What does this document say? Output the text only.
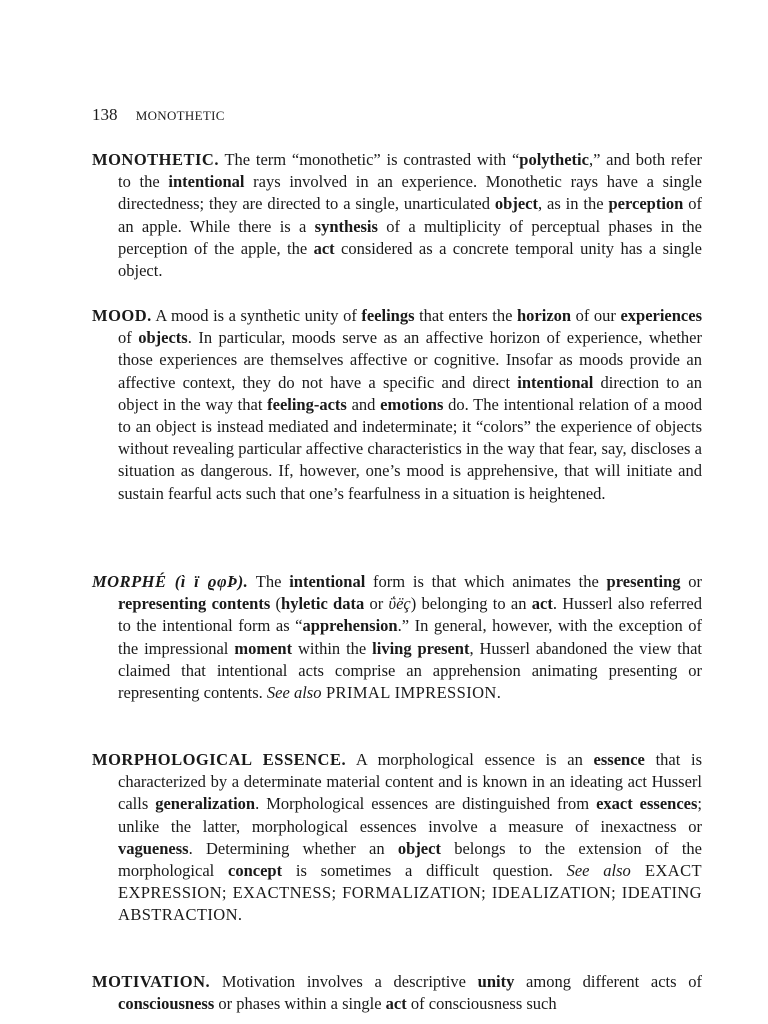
138 MONOTHETIC
MONOTHETIC. The term “monothetic” is contrasted with “polythetic,” and both refer to the intentional rays involved in an experience. Monothetic rays have a single directedness; they are directed to a single, unarticulated object, as in the perception of an apple. While there is a synthesis of a multiplicity of perceptual phases in the perception of the apple, the act considered as a concrete temporal unity has a single object.
MOOD. A mood is a synthetic unity of feelings that enters the horizon of our experiences of objects. In particular, moods serve as an affective horizon of experience, whether those experiences are themselves affective or cognitive. Insofar as moods provide an affective context, they do not have a specific and direct intentional direction to an object in the way that feeling-acts and emotions do. The intentional relation of a mood to an object is instead mediated and indeterminate; it “colors” the experience of objects without revealing particular affective characteristics in the way that fear, say, discloses a situation as dangerous. If, however, one’s mood is apprehensive, that will initiate and sustain fearful acts such that one’s fearfulness in a situation is heightened.
MORPHÉ (ì ï ϱφÞ). The intentional form is that which animates the presenting or representing contents (hyletic data or ΰëç) belonging to an act. Husserl also referred to the intentional form as “apprehension.” In general, however, with the exception of the impressional moment within the living present, Husserl abandoned the view that claimed that intentional acts comprise an apprehension animating presenting or representing contents. See also PRIMAL IMPRESSION.
MORPHOLOGICAL ESSENCE. A morphological essence is an essence that is characterized by a determinate material content and is known in an ideating act Husserl calls generalization. Morphological essences are distinguished from exact essences; unlike the latter, morphological essences involve a measure of inexactness or vagueness. Determining whether an object belongs to the extension of the morphological concept is sometimes a difficult question. See also EXACT EXPRESSION; EXACTNESS; FORMALIZATION; IDEALIZATION; IDEATING ABSTRACTION.
MOTIVATION. Motivation involves a descriptive unity among different acts of consciousness or phases within a single act of consciousness such
